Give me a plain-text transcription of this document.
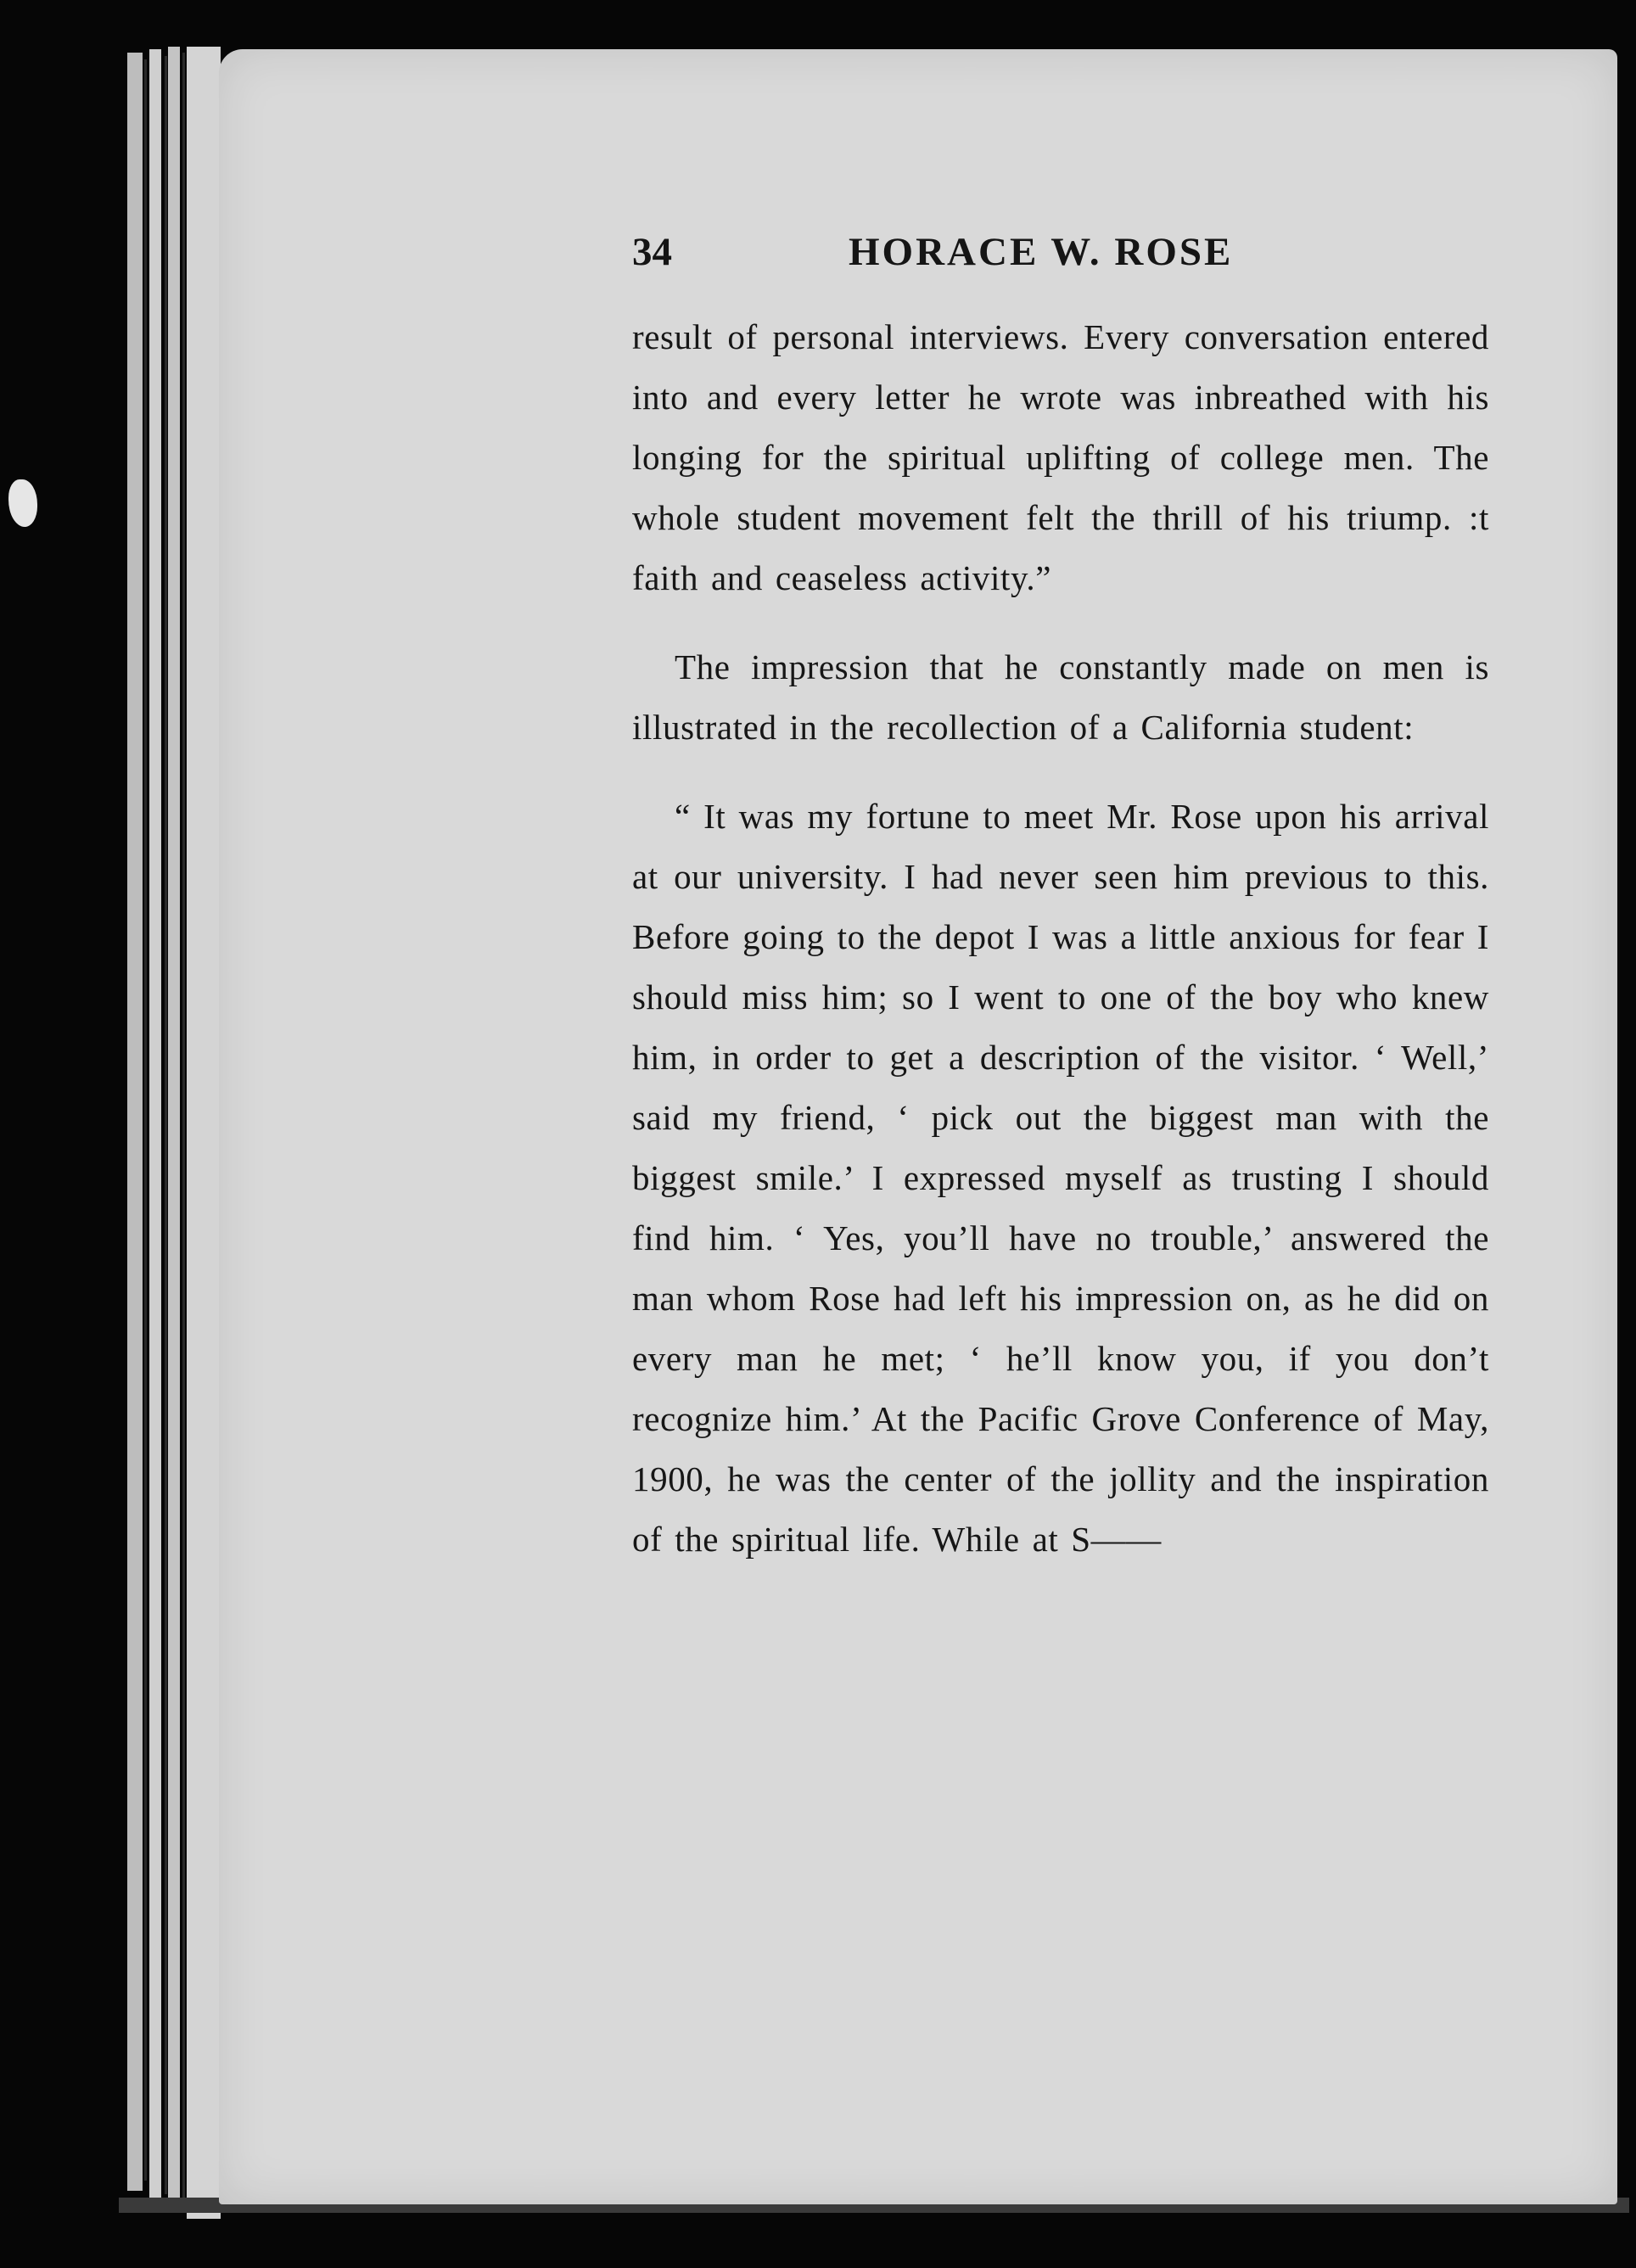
34	HORACE W. ROSE

result of personal interviews. Every conversation entered into and every letter he wrote was inbreathed with his longing for the spiritual uplifting of college men. The whole student movement felt the thrill of his triump. :t faith and ceaseless activity.”

The impression that he constantly made on men is illustrated in the recollection of a California student:

“ It was my fortune to meet Mr. Rose upon his arrival at our university. I had never seen him previous to this. Before going to the depot I was a little anxious for fear I should miss him; so I went to one of the boy who knew him, in order to get a description of the visitor. ‘ Well,’ said my friend, ‘ pick out the biggest man with the biggest smile.’ I expressed myself as trusting I should find him. ‘ Yes, you’ll have no trouble,’ answered the man whom Rose had left his impression on, as he did on every man he met; ‘ he’ll know you, if you don’t recognize him.’ At the Pacific Grove Conference of May, 1900, he was the center of the jollity and the inspiration of the spiritual life. While at S——
